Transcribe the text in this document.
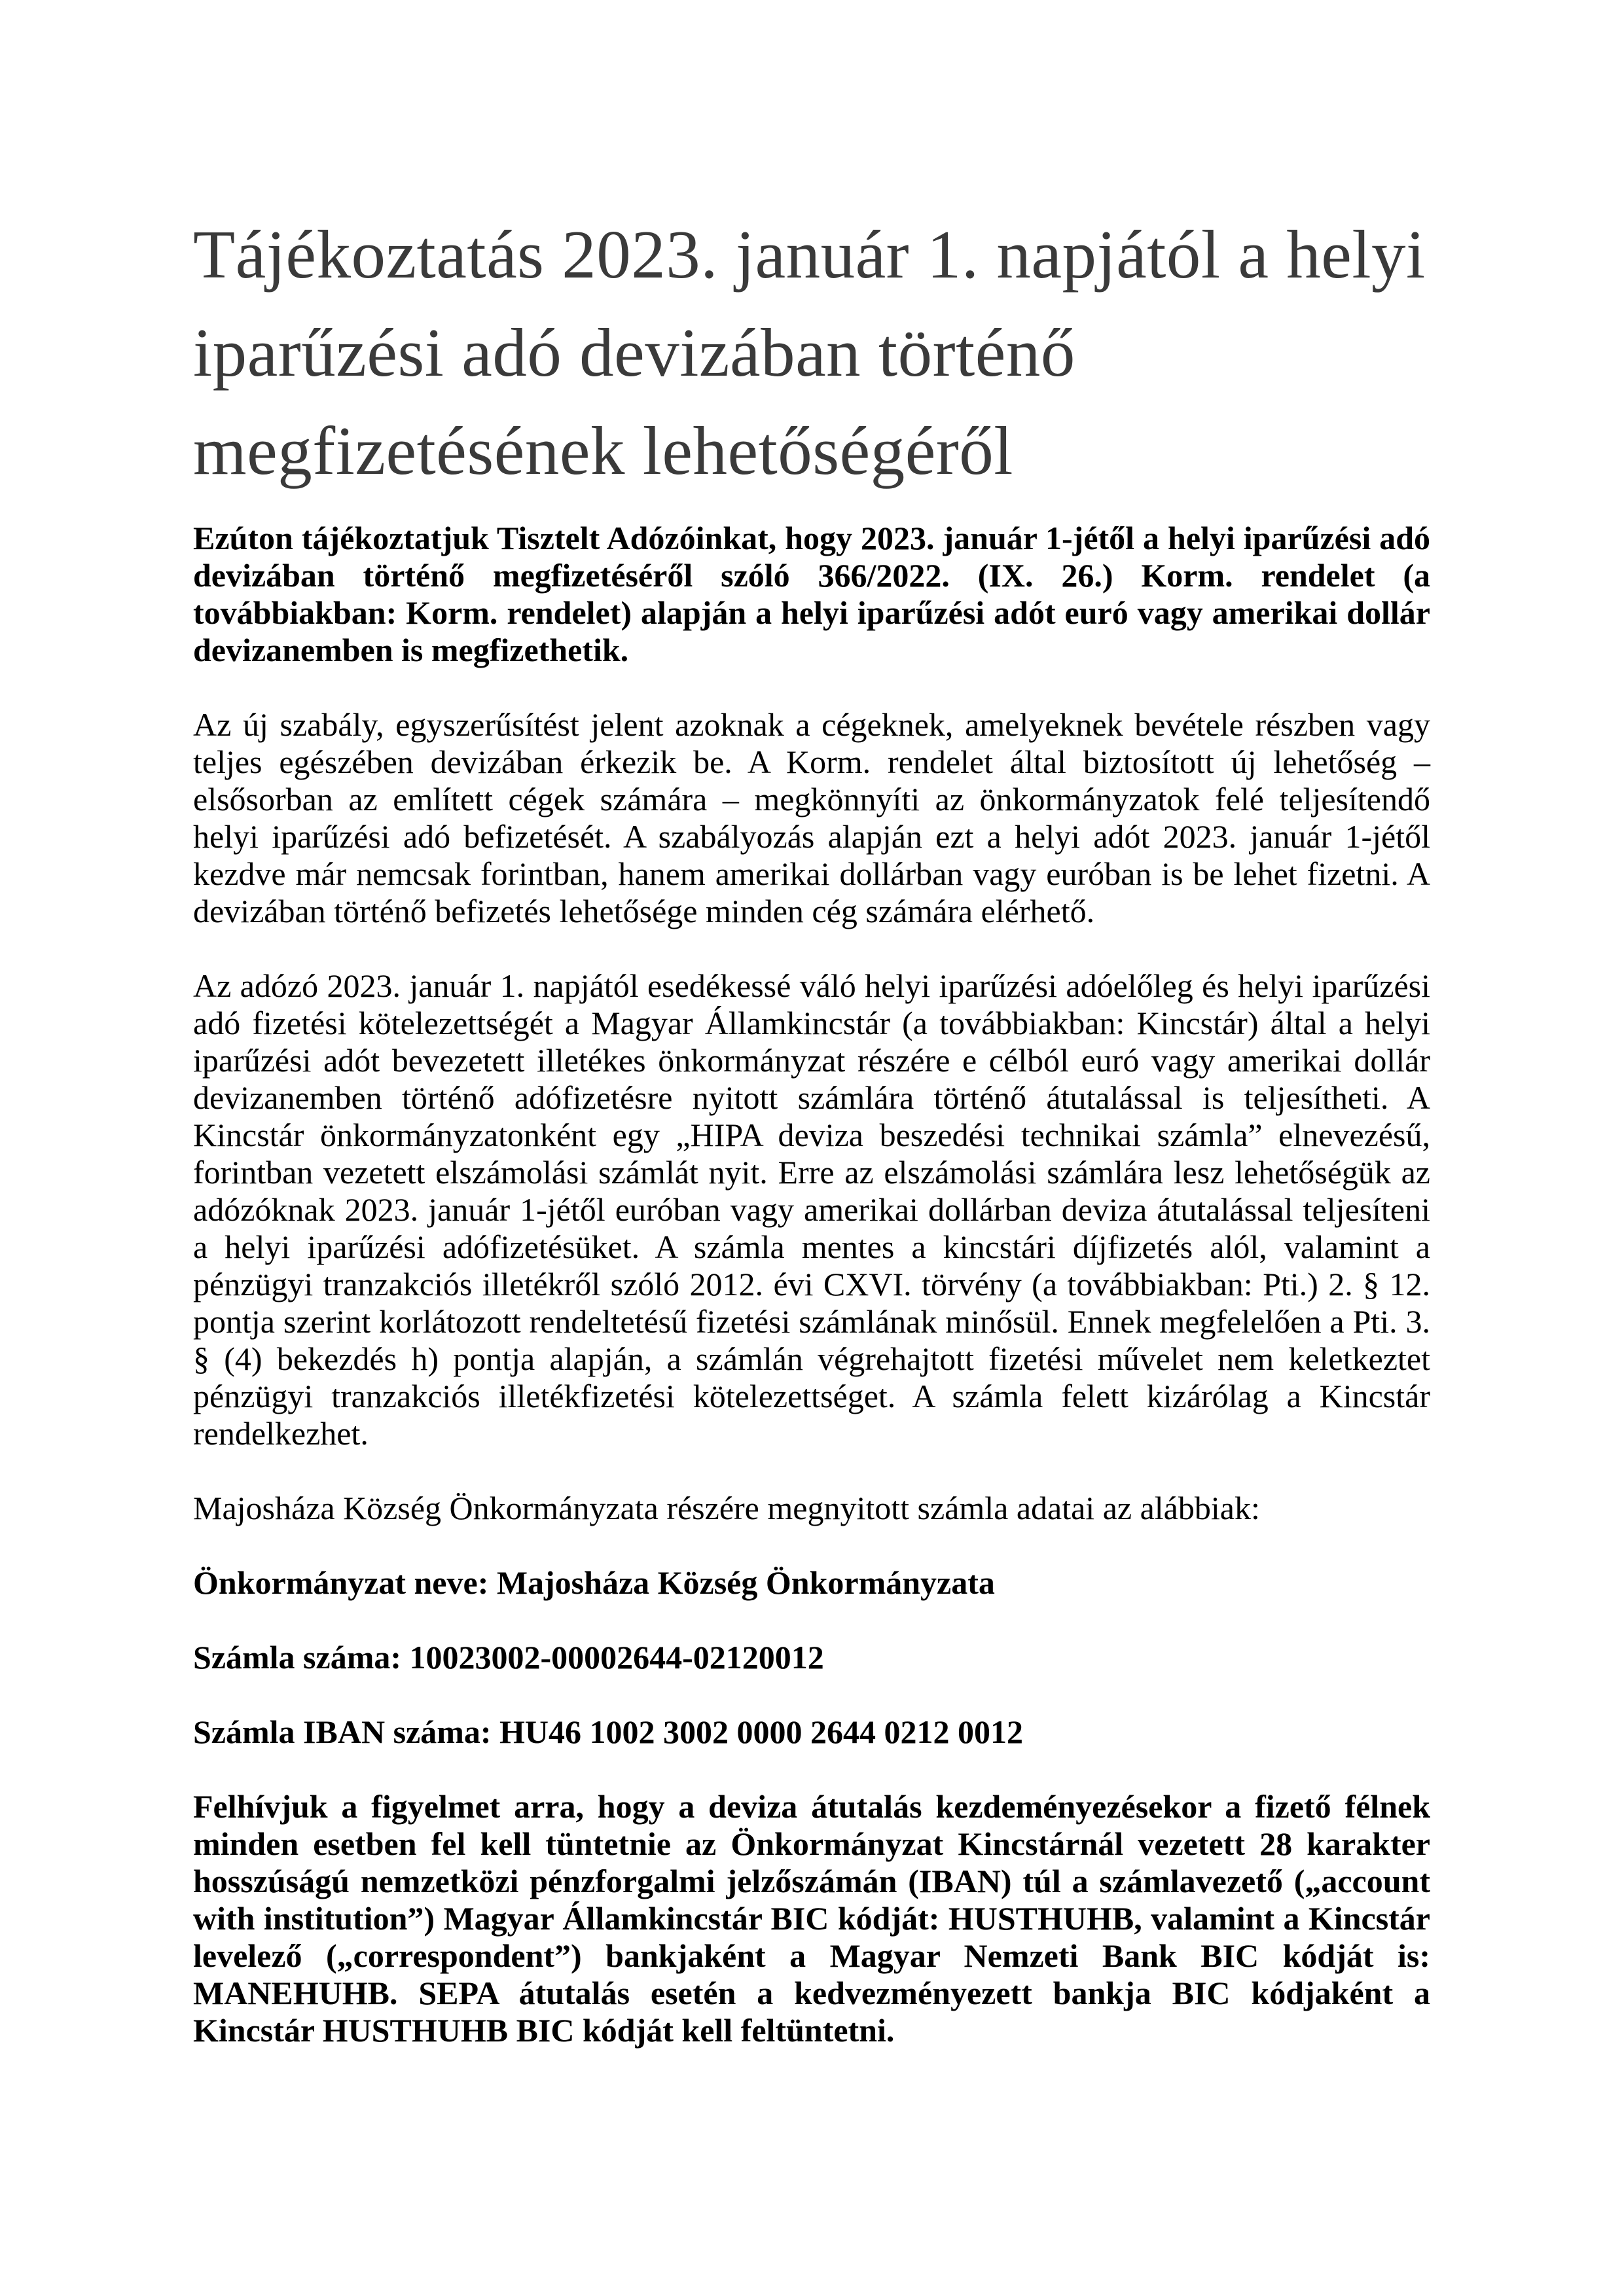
Tájékoztatás 2023. január 1. napjától a helyi
iparűzési adó devizában történő
megfizetésének lehetőségéről

Ezúton tájékoztatjuk Tisztelt Adózóinkat, hogy 2023. január 1-jétől a helyi iparűzési adó devizában történő megfizetéséről szóló 366/2022. (IX. 26.) Korm. rendelet (a továbbiakban: Korm. rendelet) alapján a helyi iparűzési adót euró vagy amerikai dollár devizanemben is megfizethetik.

Az új szabály, egyszerűsítést jelent azoknak a cégeknek, amelyeknek bevétele részben vagy teljes egészében devizában érkezik be. A Korm. rendelet által biztosított új lehetőség – elsősorban az említett cégek számára – megkönnyíti az önkormányzatok felé teljesítendő helyi iparűzési adó befizetését. A szabályozás alapján ezt a helyi adót 2023. január 1-jétől kezdve már nemcsak forintban, hanem amerikai dollárban vagy euróban is be lehet fizetni. A devizában történő befizetés lehetősége minden cég számára elérhető.

Az adózó 2023. január 1. napjától esedékessé váló helyi iparűzési adóelőleg és helyi iparűzési adó fizetési kötelezettségét a Magyar Államkincstár (a továbbiakban: Kincstár) által a helyi iparűzési adót bevezetett illetékes önkormányzat részére e célból euró vagy amerikai dollár devizanemben történő adófizetésre nyitott számlára történő átutalással is teljesítheti. A Kincstár önkormányzatonként egy „HIPA deviza beszedési technikai számla” elnevezésű, forintban vezetett elszámolási számlát nyit. Erre az elszámolási számlára lesz lehetőségük az adózóknak 2023. január 1-jétől euróban vagy amerikai dollárban deviza átutalással teljesíteni a helyi iparűzési adófizetésüket. A számla mentes a kincstári díjfizetés alól, valamint a pénzügyi tranzakciós illetékről szóló 2012. évi CXVI. törvény (a továbbiakban: Pti.) 2. § 12. pontja szerint korlátozott rendeltetésű fizetési számlának minősül. Ennek megfelelően a Pti. 3. § (4) bekezdés h) pontja alapján, a számlán végrehajtott fizetési művelet nem keletkeztet pénzügyi tranzakciós illetékfizetési kötelezettséget. A számla felett kizárólag a Kincstár rendelkezhet.

Majosháza Község Önkormányzata részére megnyitott számla adatai az alábbiak:

Önkormányzat neve: Majosháza Község Önkormányzata

Számla száma: 10023002-00002644-02120012

Számla IBAN száma: HU46 1002 3002 0000 2644 0212 0012

Felhívjuk a figyelmet arra, hogy a deviza átutalás kezdeményezésekor a fizető félnek minden esetben fel kell tüntetnie az Önkormányzat Kincstárnál vezetett 28 karakter hosszúságú nemzetközi pénzforgalmi jelzőszámán (IBAN) túl a számlavezető („account with institution”) Magyar Államkincstár BIC kódját: HUSTHUHB, valamint a Kincstár levelező („correspondent”) bankjaként a Magyar Nemzeti Bank BIC kódját is: MANEHUHB. SEPA átutalás esetén a kedvezményezett bankja BIC kódjaként a Kincstár HUSTHUHB BIC kódját kell feltüntetni.
